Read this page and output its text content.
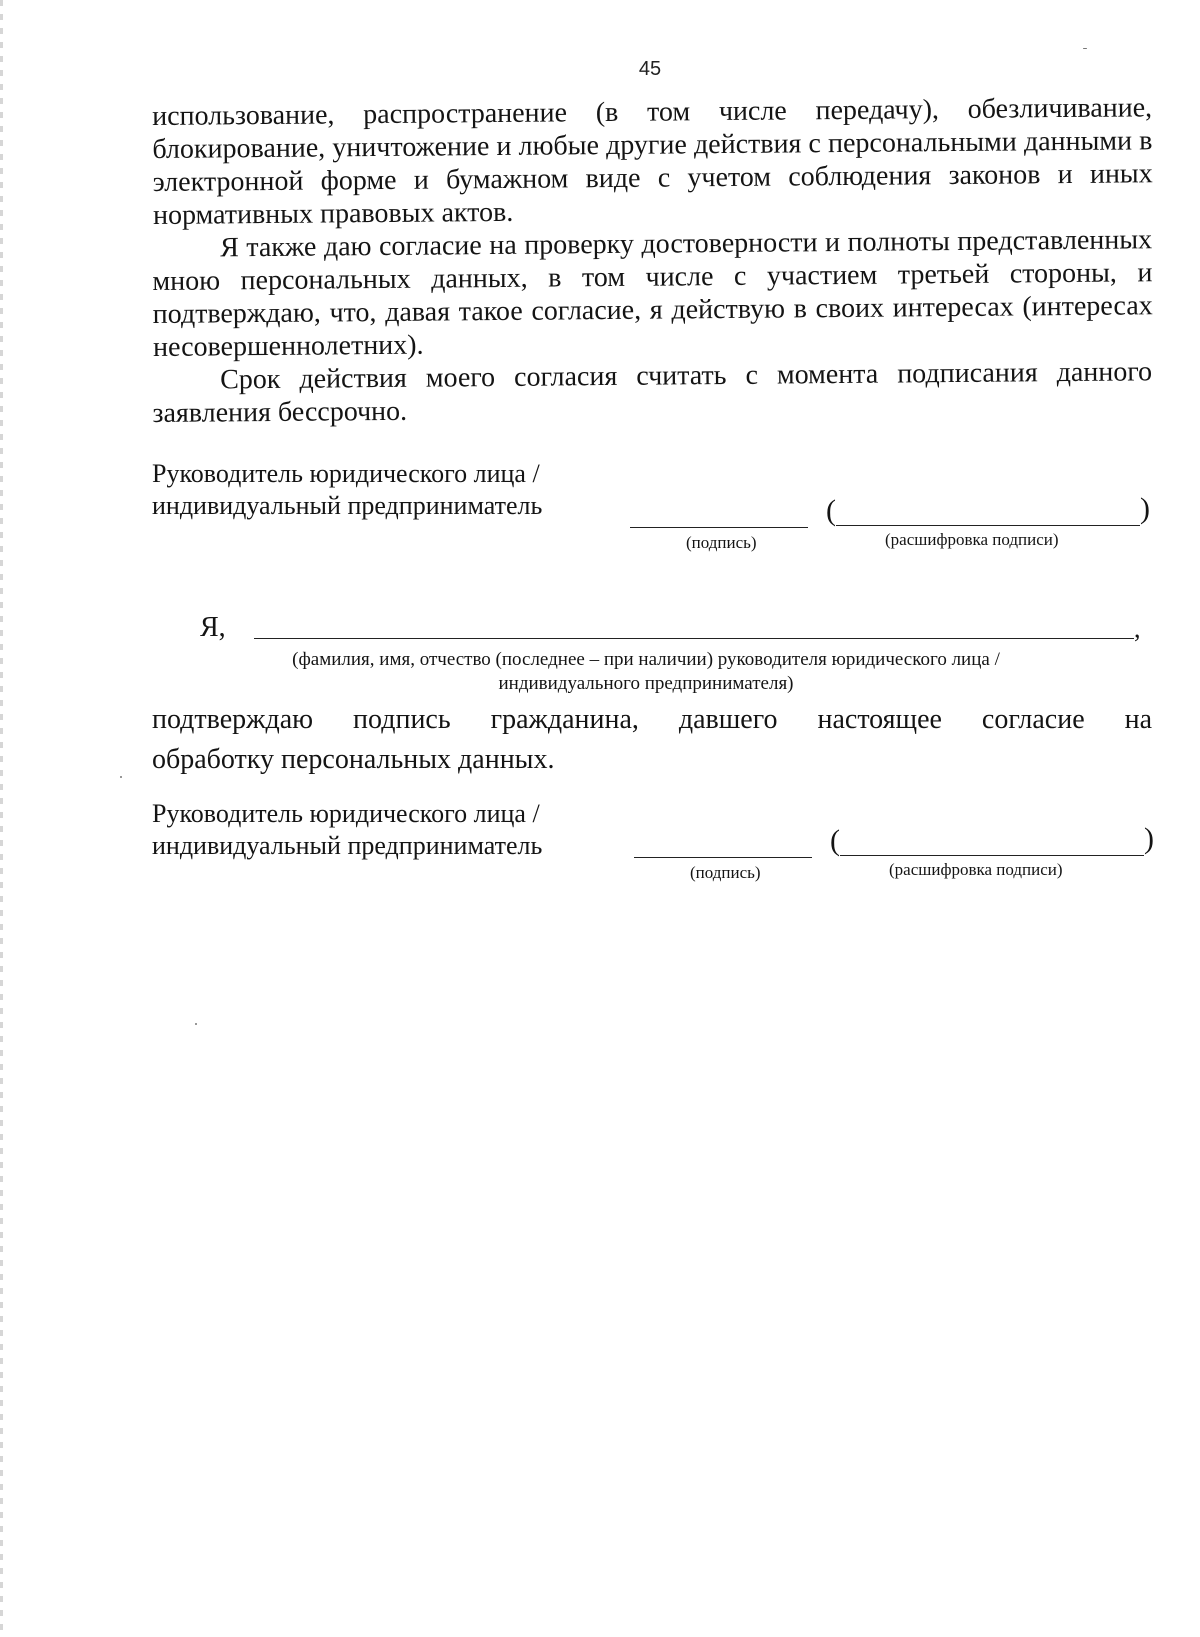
45
использование, распространение (в том числе передачу), обезличивание, блокирование, уничтожение и любые другие действия с персональными данными в электронной форме и бумажном виде с учетом соблюдения законов и иных нормативных правовых актов.
Я также даю согласие на проверку достоверности и полноты представленных мною персональных данных, в том числе с участием третьей стороны, и подтверждаю, что, давая такое согласие, я действую в своих интересах (интересах несовершеннолетних).
Срок действия моего согласия считать с момента подписания данного заявления бессрочно.
Руководитель юридического лица /
индивидуальный предприниматель	(	)
(подпись)	(расшифровка подписи)
Я,	,
(фамилия, имя, отчество (последнее – при наличии) руководителя юридического лица /
индивидуального предпринимателя)
подтверждаю подпись гражданина, давшего настоящее согласие на
обработку персональных данных.
Руководитель юридического лица /
индивидуальный предприниматель	(	)
(подпись)	(расшифровка подписи)
